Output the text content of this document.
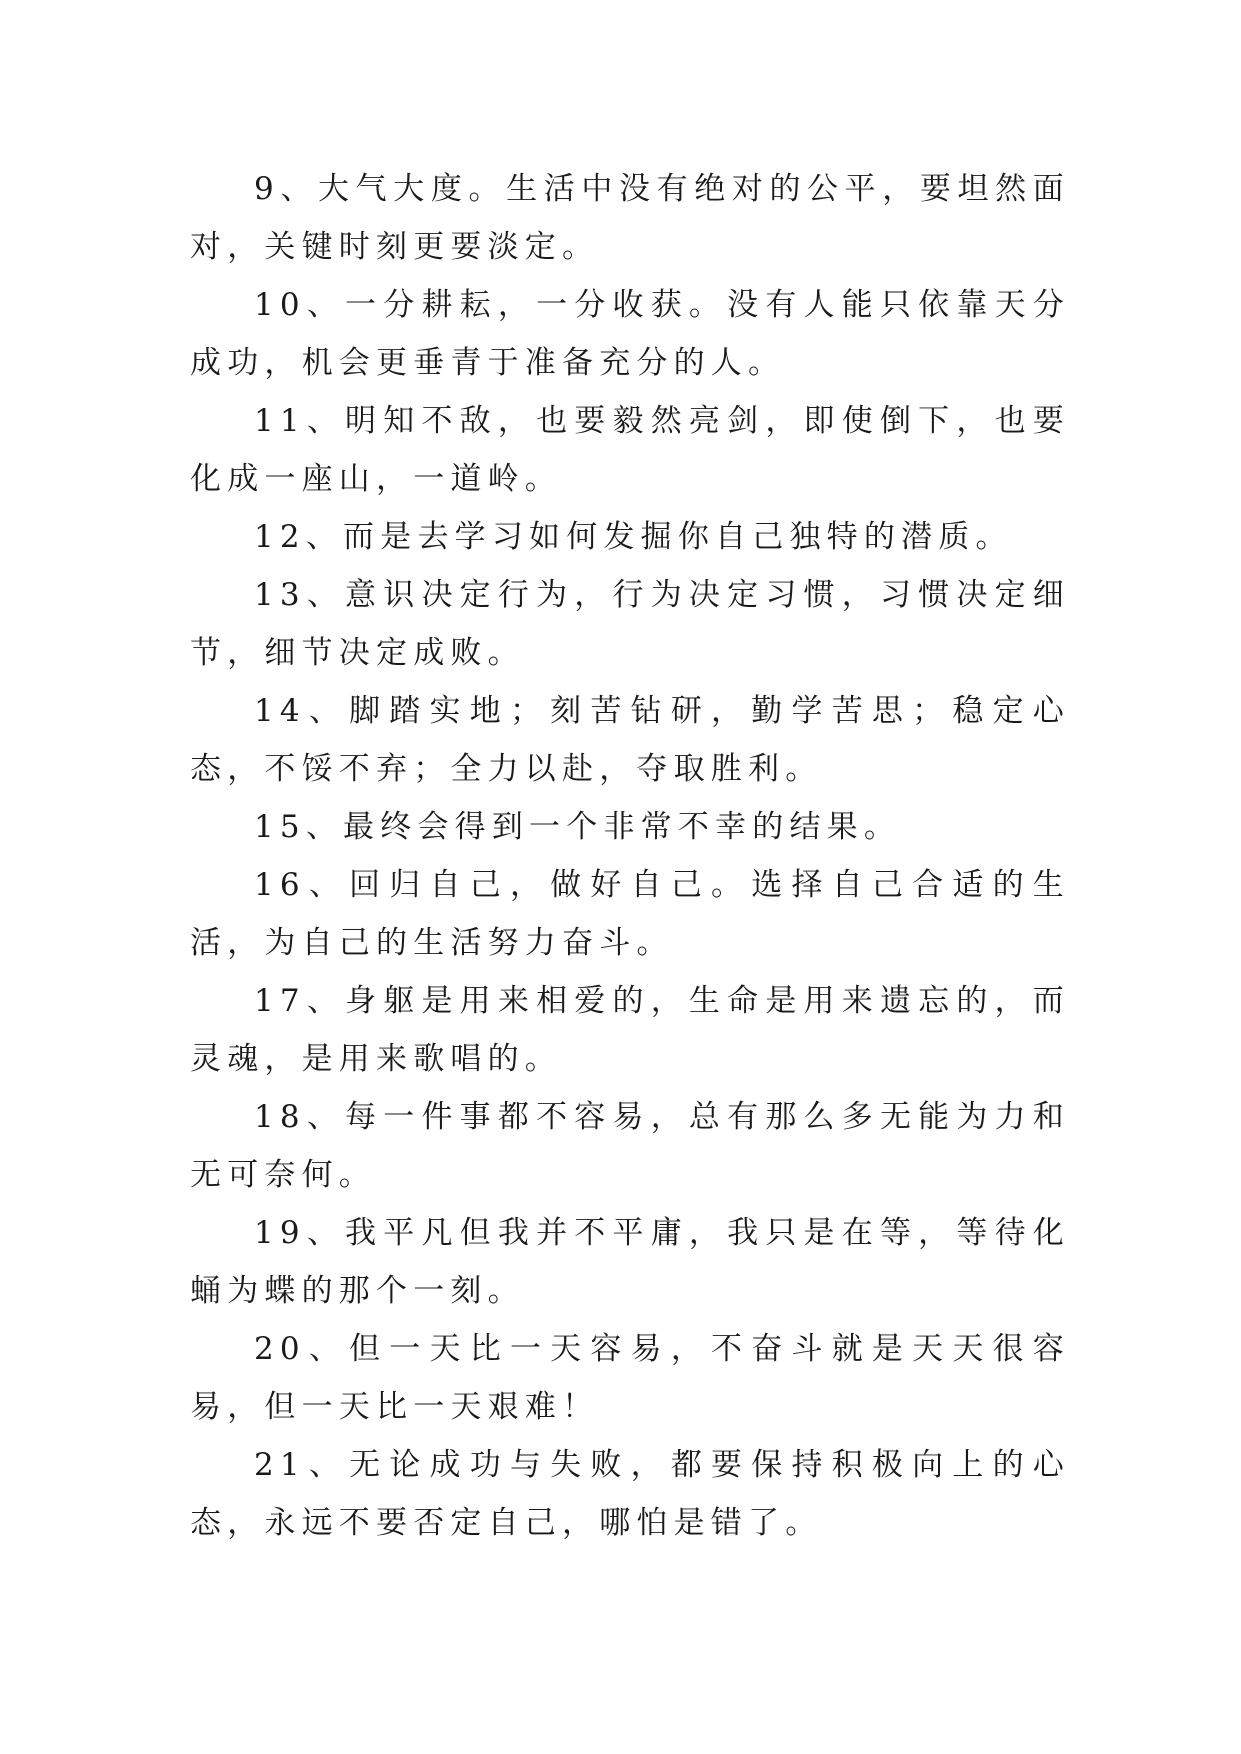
9、大气大度。生活中没有绝对的公平，要坦然面对，关键时刻更要淡定。

10、一分耕耘，一分收获。没有人能只依靠天分成功，机会更垂青于准备充分的人。

11、明知不敌，也要毅然亮剑，即使倒下，也要化成一座山，一道岭。

12、而是去学习如何发掘你自己独特的潜质。

13、意识决定行为，行为决定习惯，习惯决定细节，细节决定成败。

14、脚踏实地；刻苦钻研，勤学苦思；稳定心态，不馁不弃；全力以赴，夺取胜利。

15、最终会得到一个非常不幸的结果。

16、回归自己，做好自己。选择自己合适的生活，为自己的生活努力奋斗。

17、身躯是用来相爱的，生命是用来遗忘的，而灵魂，是用来歌唱的。

18、每一件事都不容易，总有那么多无能为力和无可奈何。

19、我平凡但我并不平庸，我只是在等，等待化蛹为蝶的那个一刻。

20、但一天比一天容易，不奋斗就是天天很容易，但一天比一天艰难！

21、无论成功与失败，都要保持积极向上的心态，永远不要否定自己，哪怕是错了。
